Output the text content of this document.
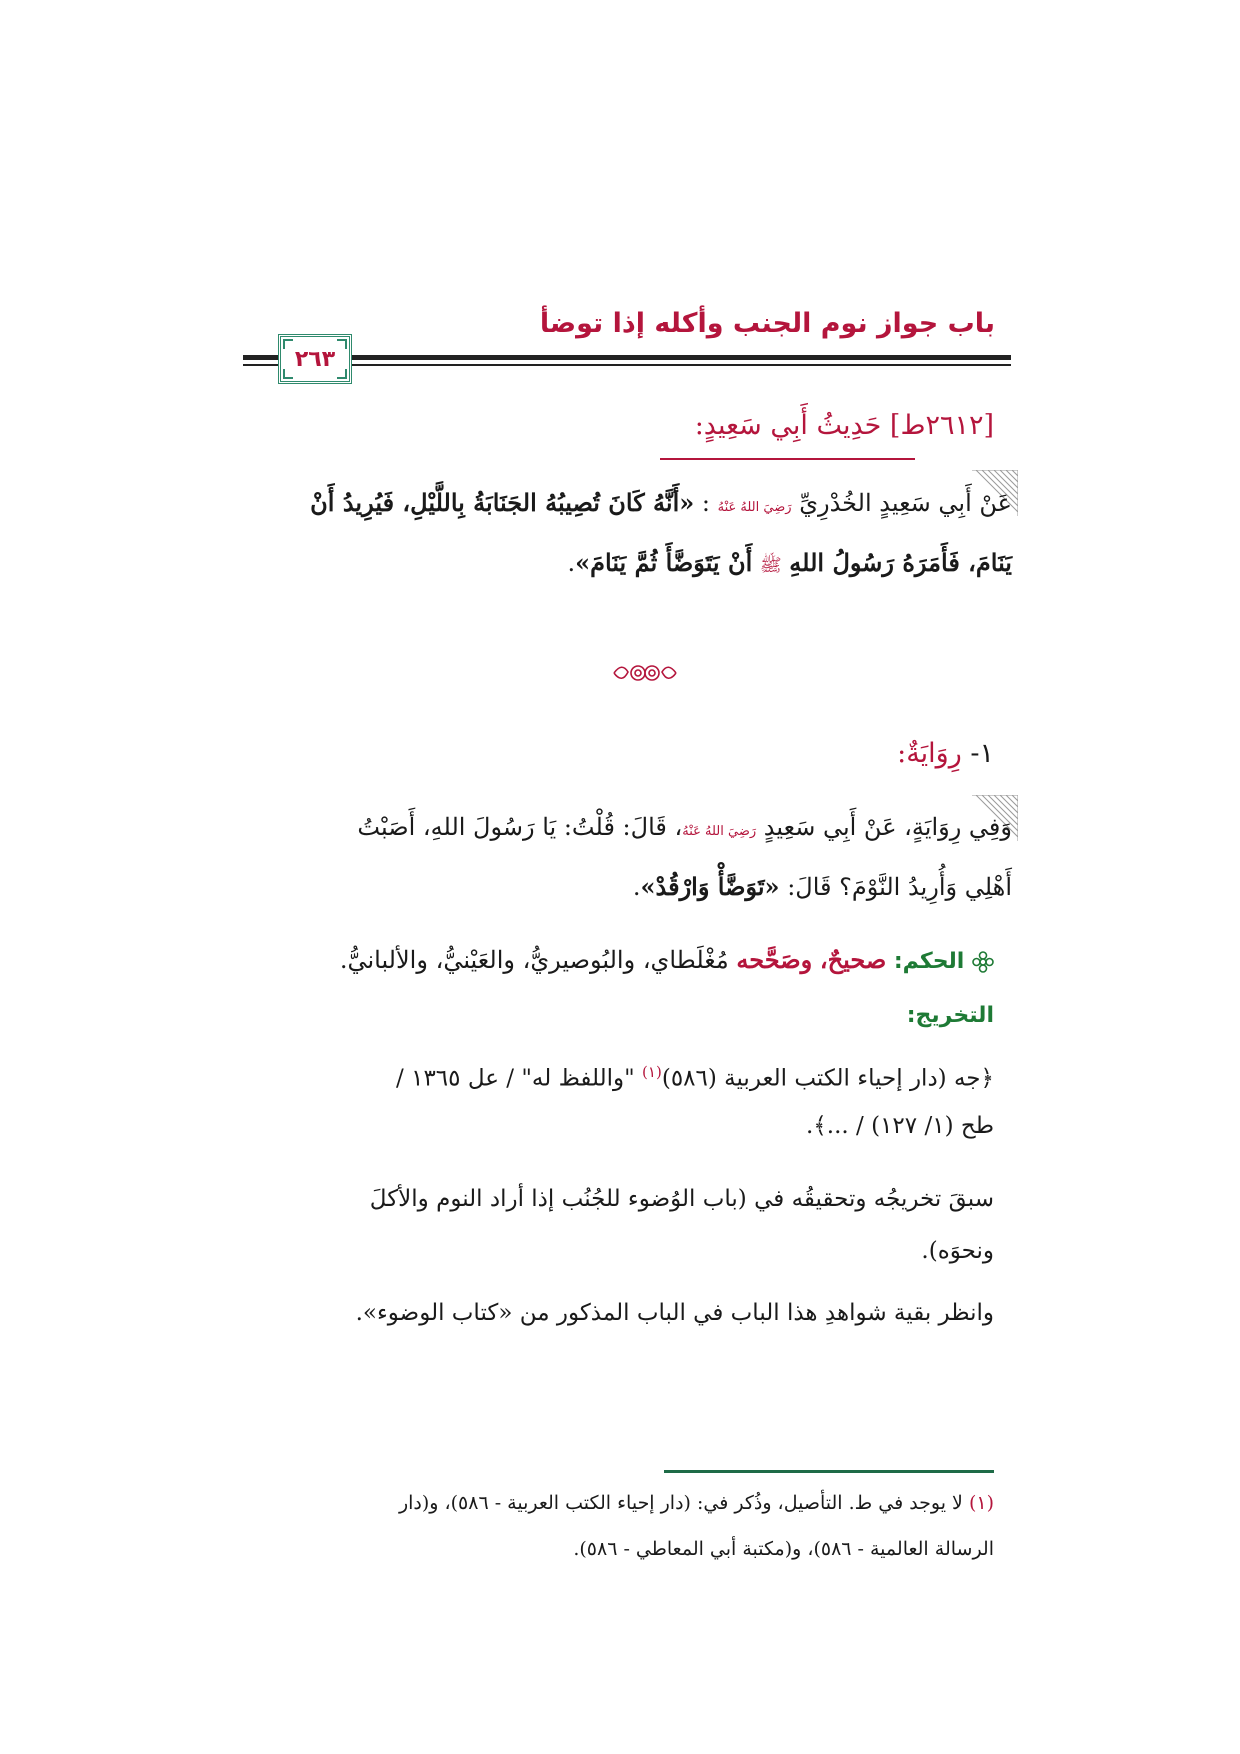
باب جواز نوم الجنب وأكله إذا توضأ
٢٦٣
[٢٦١٢ط] حَدِيثُ أَبِي سَعِيدٍ:
عَنْ أَبِي سَعِيدٍ الخُدْرِيِّ رَضِيَ اللهُ عَنْهُ : «أَنَّهُ كَانَ تُصِيبُهُ الجَنَابَةُ بِاللَّيْلِ، فَيُرِيدُ أَنْ
يَنَامَ، فَأَمَرَهُ رَسُولُ اللهِ ﷺ أَنْ يَتَوَضَّأَ ثُمَّ يَنَامَ».
١- رِوَايَةٌ:
وَفِي رِوَايَةٍ، عَنْ أَبِي سَعِيدٍ رَضِيَ اللهُ عَنْهُ، قَالَ: قُلْتُ: يَا رَسُولَ اللهِ، أَصَبْتُ
أَهْلِي وَأُرِيدُ النَّوْمَ؟ قَالَ: «تَوَضَّأْ وَارْقُدْ».
الحكم: صحيحٌ، وصَحَّحه مُغْلَطاي، والبُوصيريُّ، والعَيْنيُّ، والألبانيُّ.
التخريج:
﴿جه (دار إحياء الكتب العربية (٥٨٦)$^{(١)}$ "واللفظ له" / عل ١٣٦٥ /
طح (١/ ١٢٧) / ...﴾.
سبقَ تخريجُه وتحقيقُه في (باب الوُضوء للجُنُب إذا أراد النوم والأكلَ
ونحوَه).
وانظر بقية شواهدِ هذا الباب في الباب المذكور من «كتاب الوضوء».
(١) لا يوجد في ط. التأصيل، وذُكر في: (دار إحياء الكتب العربية - ٥٨٦)، و(دار
الرسالة العالمية - ٥٨٦)، و(مكتبة أبي المعاطي - ٥٨٦).
